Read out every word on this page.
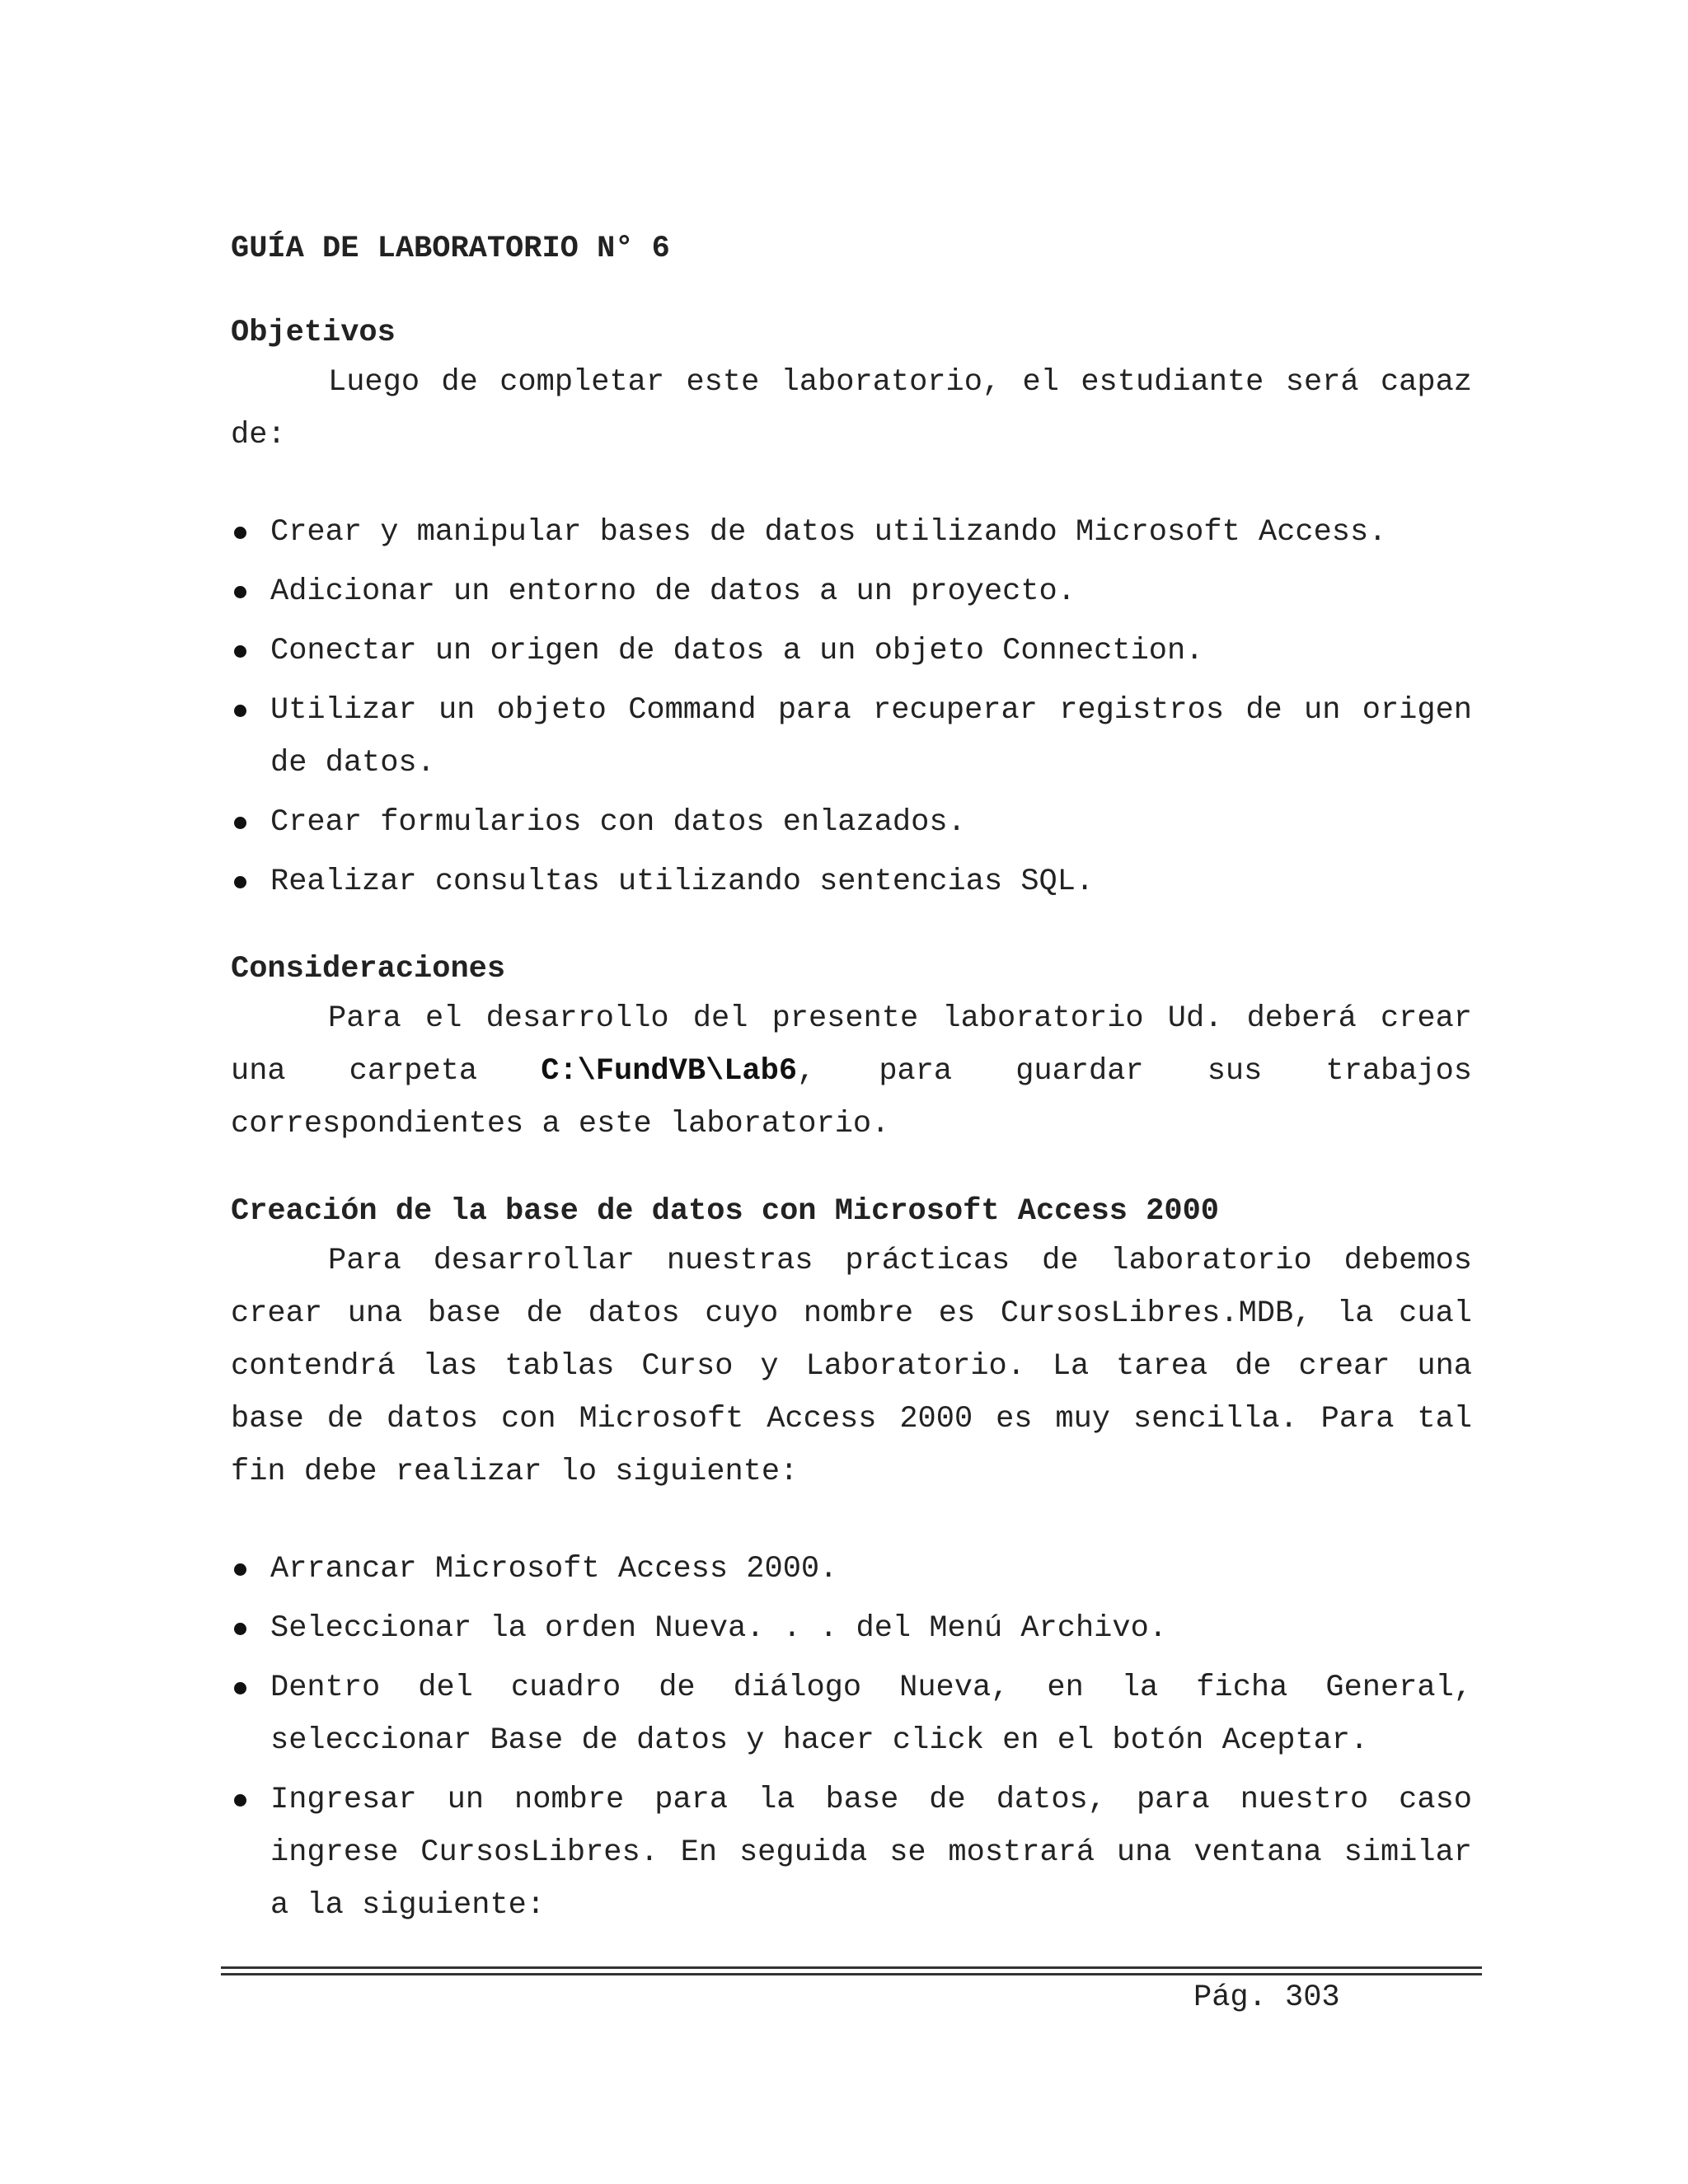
GUÍA DE LABORATORIO N° 6
Objetivos

Luego de completar este laboratorio, el estudiante será capaz de:

Crear y manipular bases de datos utilizando Microsoft Access.
Adicionar un entorno de datos a un proyecto.
Conectar un origen de datos a un objeto Connection.
Utilizar un objeto Command para recuperar registros de un origen de datos.
Crear formularios con datos enlazados.
Realizar consultas utilizando sentencias SQL.
Consideraciones

Para el desarrollo del presente laboratorio Ud. deberá crear una carpeta C:\FundVB\Lab6, para guardar sus trabajos correspondientes a este laboratorio.

Creación de la base de datos con Microsoft Access 2000

Para desarrollar nuestras prácticas de laboratorio debemos crear una base de datos cuyo nombre es CursosLibres.MDB, la cual contendrá las tablas Curso y Laboratorio. La tarea de crear una base de datos con Microsoft Access 2000 es muy sencilla. Para tal fin debe realizar lo siguiente:

Arrancar Microsoft Access 2000.
Seleccionar la orden Nueva. . . del Menú Archivo.
Dentro del cuadro de diálogo Nueva, en la ficha General, seleccionar Base de datos y hacer click en el botón Aceptar.
Ingresar un nombre para la base de datos, para nuestro caso ingrese CursosLibres. En seguida se mostrará una ventana similar a la siguiente:
Pág. 303
